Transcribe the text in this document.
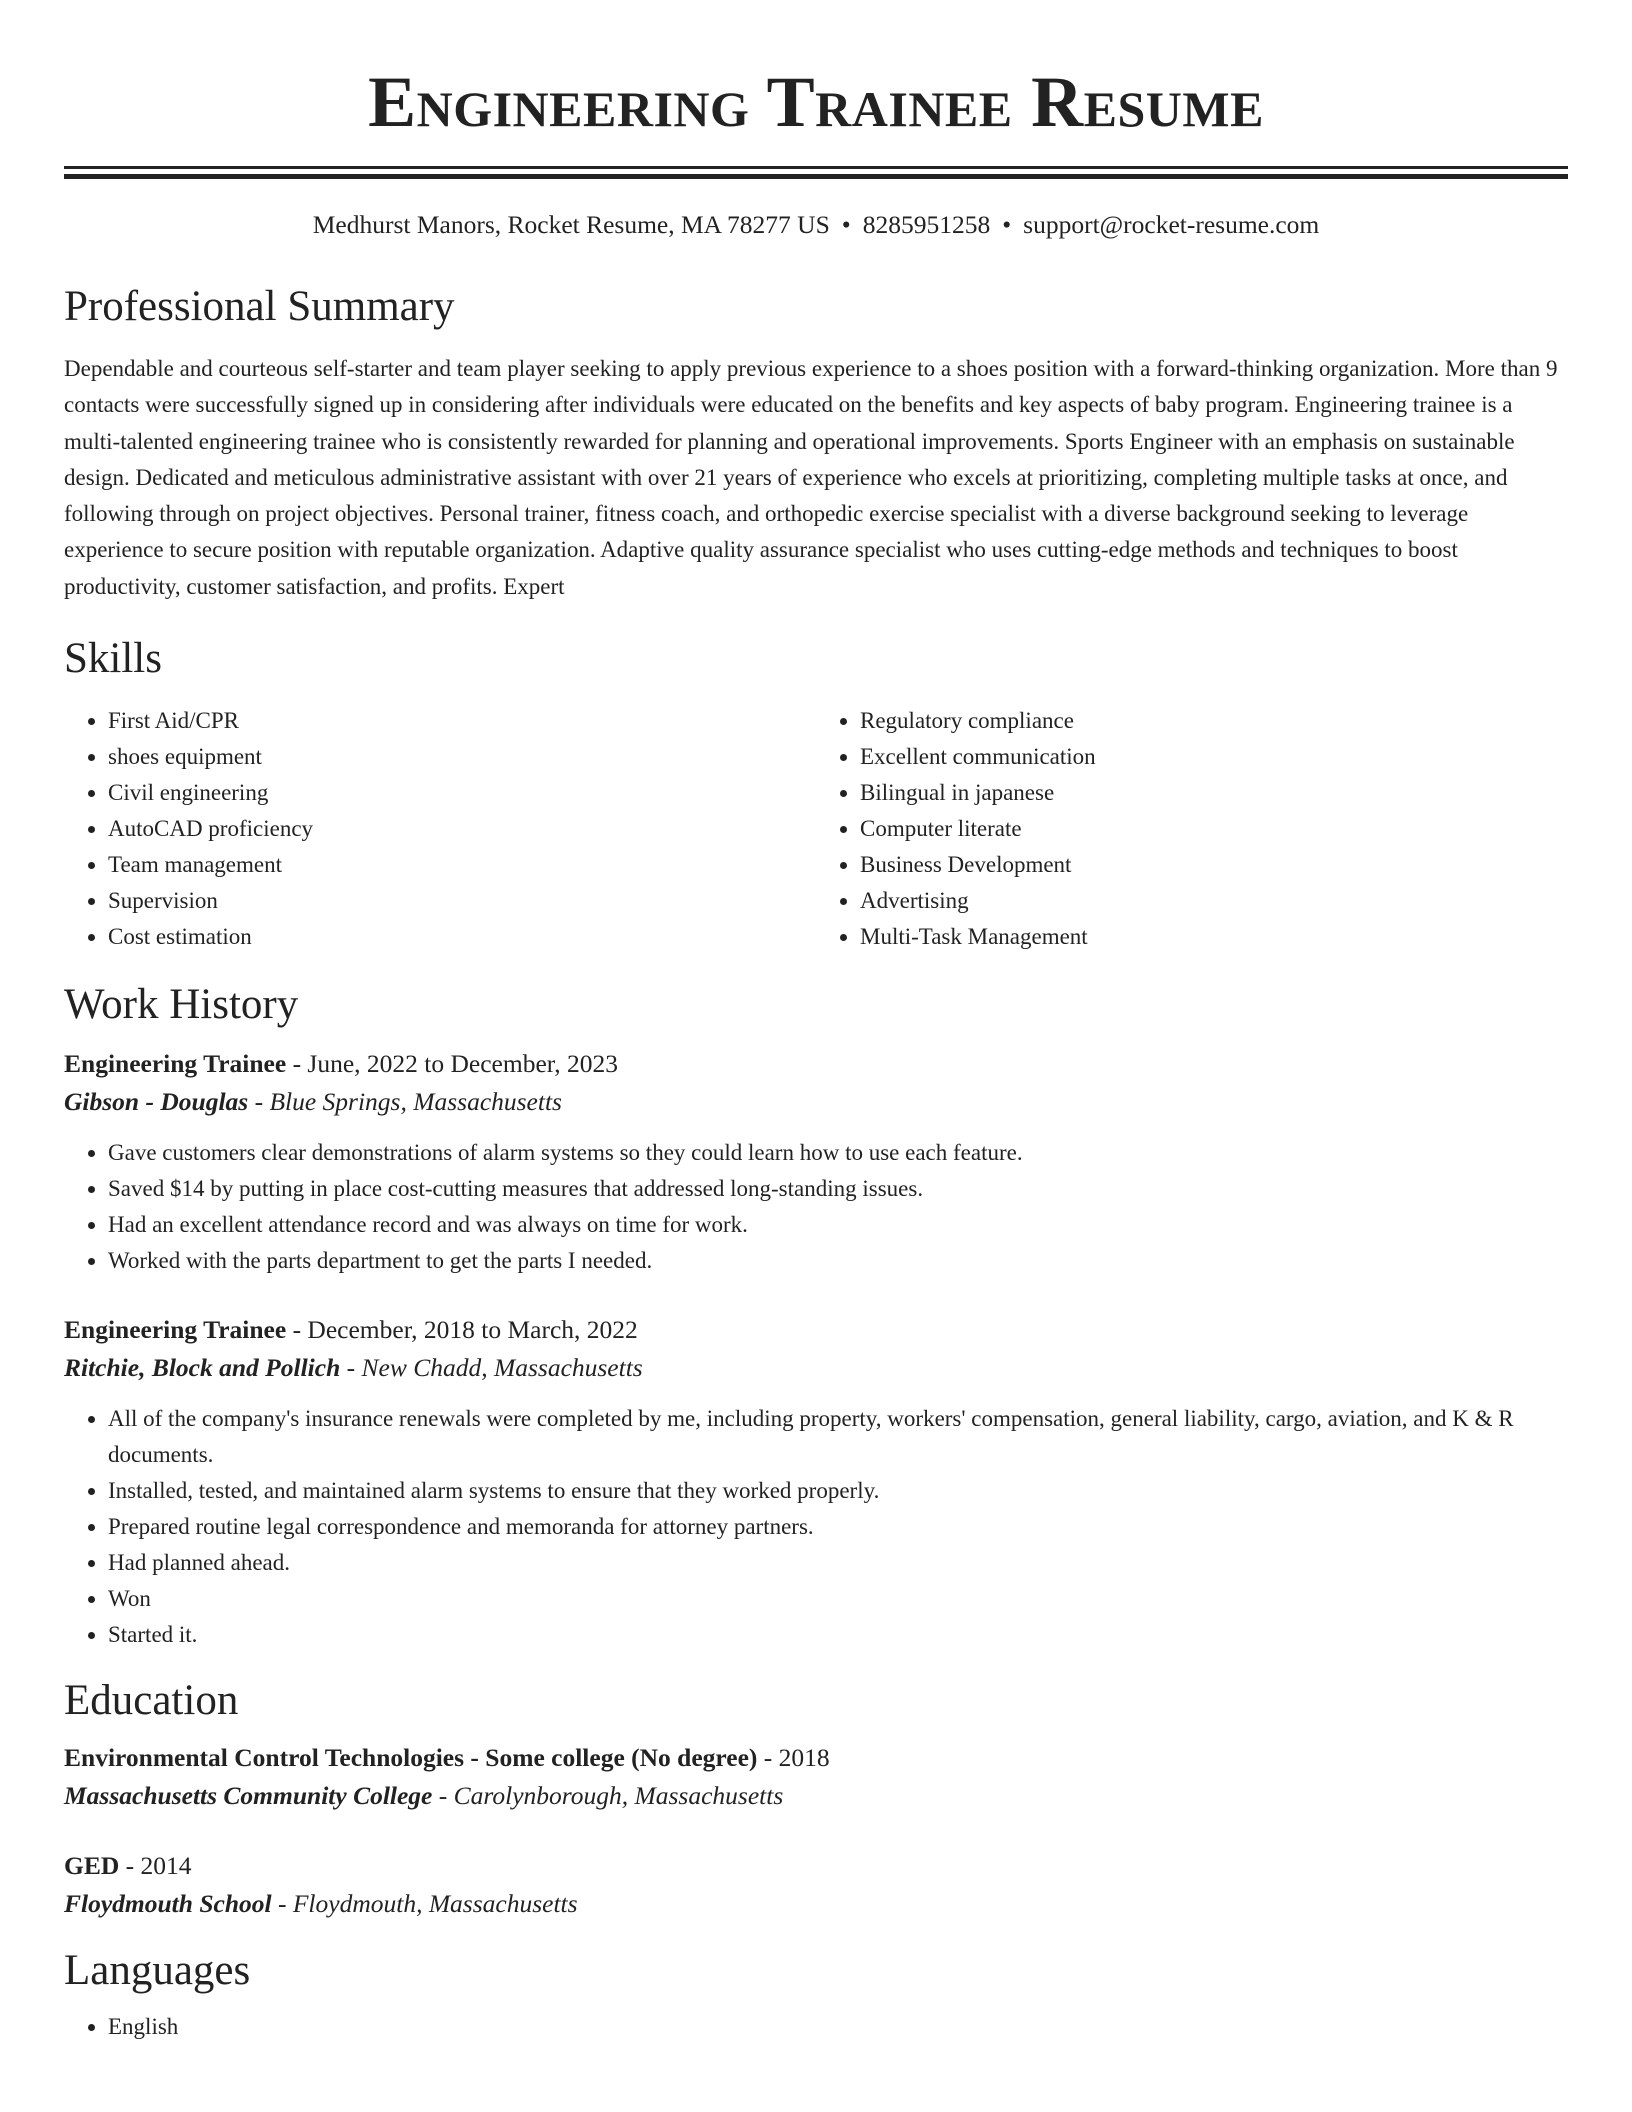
Engineering Trainee Resume
Medhurst Manors, Rocket Resume, MA 78277 US • 8285951258 • support@rocket-resume.com
Professional Summary

Dependable and courteous self-starter and team player seeking to apply previous experience to a shoes position with a forward-thinking organization. More than 9 contacts were successfully signed up in considering after individuals were educated on the benefits and key aspects of baby program. Engineering trainee is a multi-talented engineering trainee who is consistently rewarded for planning and operational improvements. Sports Engineer with an emphasis on sustainable design. Dedicated and meticulous administrative assistant with over 21 years of experience who excels at prioritizing, completing multiple tasks at once, and following through on project objectives. Personal trainer, fitness coach, and orthopedic exercise specialist with a diverse background seeking to leverage experience to secure position with reputable organization. Adaptive quality assurance specialist who uses cutting-edge methods and techniques to boost productivity, customer satisfaction, and profits. Expert

Skills
• First Aid/CPR
• shoes equipment
• Civil engineering
• AutoCAD proficiency
• Team management
• Supervision
• Cost estimation
• Regulatory compliance
• Excellent communication
• Bilingual in japanese
• Computer literate
• Business Development
• Advertising
• Multi-Task Management
Work History
Engineering Trainee - June, 2022 to December, 2023
Gibson - Douglas - Blue Springs, Massachusetts
• Gave customers clear demonstrations of alarm systems so they could learn how to use each feature.
• Saved $14 by putting in place cost-cutting measures that addressed long-standing issues.
• Had an excellent attendance record and was always on time for work.
• Worked with the parts department to get the parts I needed.
Engineering Trainee - December, 2018 to March, 2022
Ritchie, Block and Pollich - New Chadd, Massachusetts
• All of the company's insurance renewals were completed by me, including property, workers' compensation, general liability, cargo, aviation, and K & R documents.
• Installed, tested, and maintained alarm systems to ensure that they worked properly.
• Prepared routine legal correspondence and memoranda for attorney partners.
• Had planned ahead.
• Won
• Started it.
Education
Environmental Control Technologies - Some college (No degree) - 2018
Massachusetts Community College - Carolynborough, Massachusetts
GED - 2014
Floydmouth School - Floydmouth, Massachusetts
Languages
• English
